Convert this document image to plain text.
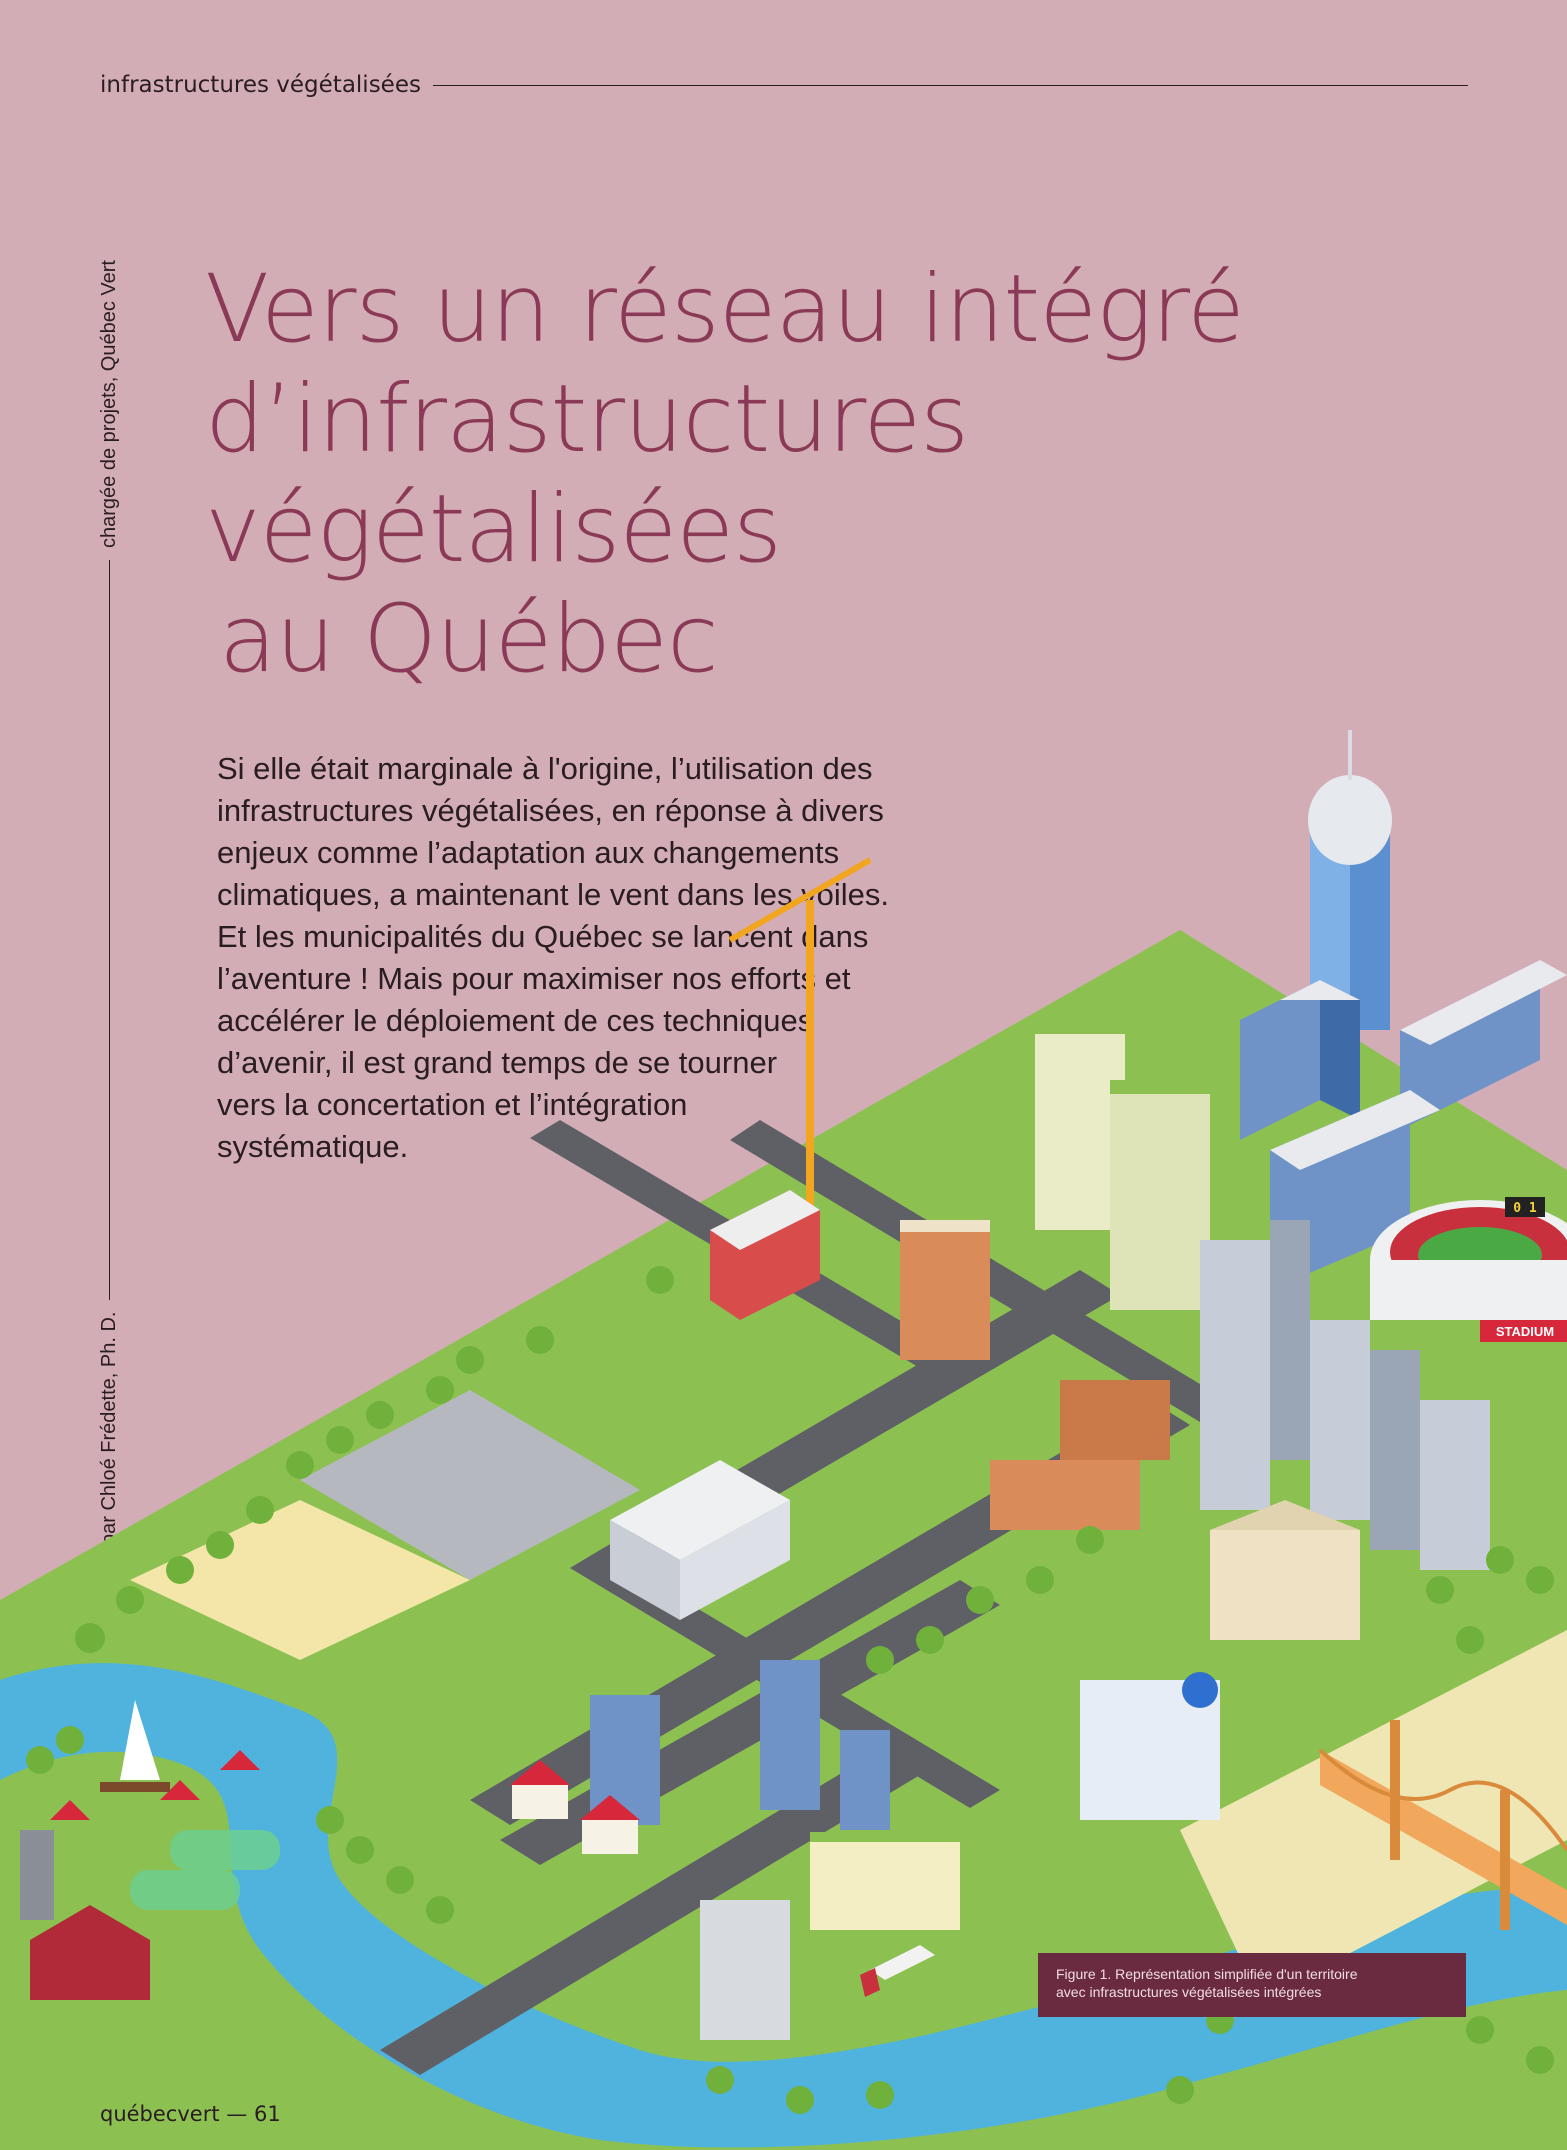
infrastructures végétalisées
par Chloé Frédette, Ph. D.
chargée de projets, Québec Vert Vers un réseau intégré
d’infrastructures
végétalisées
au Québec
Si elle était marginale à l'origine, l’utilisation des
infrastructures végétalisées, en réponse à divers
enjeux comme l’adaptation aux changements
climatiques, a maintenant le vent dans les voiles.
Et les municipalités du Québec se lancent dans
l’aventure ! Mais pour maximiser nos efforts et
accélérer le déploiement de ces techniques
d’avenir, il est grand temps de se tourner
vers la concertation et l’intégration
systématique.
STADIUM
0 1
Figure 1. Représentation simplifiée d'un territoire
avec infrastructures végétalisées intégrées
québecvert — 61
